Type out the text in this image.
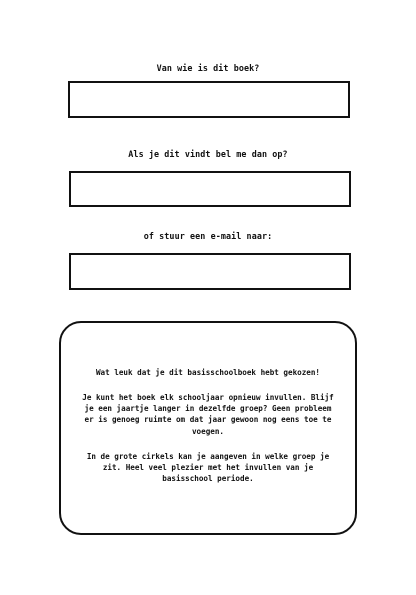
Van wie is dit boek?
Als je dit vindt bel me dan op?
of stuur een e-mail naar:

Wat leuk dat je dit basisschoolboek hebt gekozen!

Je kunt het boek elk schooljaar opnieuw invullen. Blijf je een jaartje langer in dezelfde groep? Geen probleem er is genoeg ruimte om dat jaar gewoon nog eens toe te voegen.

In de grote cirkels kan je aangeven in welke groep je zit. Heel veel plezier met het invullen van je basisschool periode.
